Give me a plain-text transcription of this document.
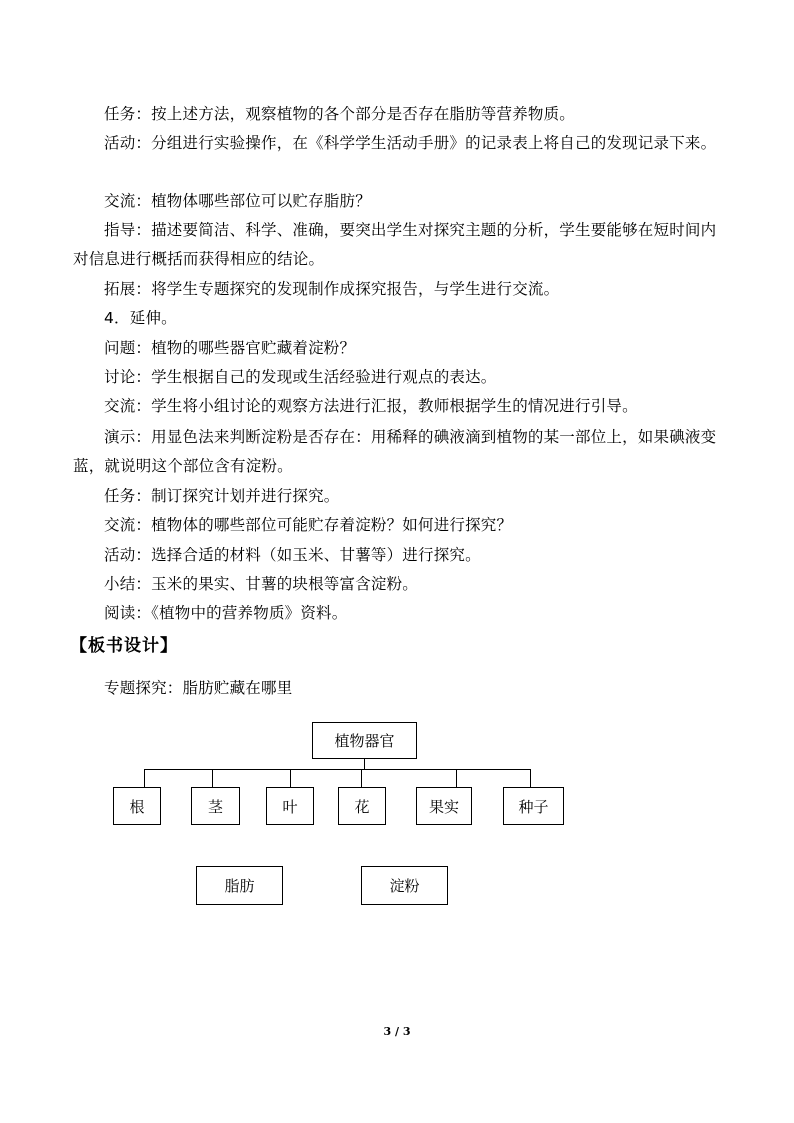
任务：按上述方法，观察植物的各个部分是否存在脂肪等营养物质。

活动：分组进行实验操作，在《科学学生活动手册》的记录表上将自己的发现记录下来。

交流：植物体哪些部位可以贮存脂肪？

指导：描述要简洁、科学、准确，要突出学生对探究主题的分析，学生要能够在短时间内对信息进行概括而获得相应的结论。

拓展：将学生专题探究的发现制作成探究报告，与学生进行交流。

4．延伸。

问题：植物的哪些器官贮藏着淀粉？

讨论：学生根据自己的发现或生活经验进行观点的表达。

交流：学生将小组讨论的观察方法进行汇报，教师根据学生的情况进行引导。

演示：用显色法来判断淀粉是否存在：用稀释的碘液滴到植物的某一部位上，如果碘液变蓝，就说明这个部位含有淀粉。

任务：制订探究计划并进行探究。

交流：植物体的哪些部位可能贮存着淀粉？如何进行探究？

活动：选择合适的材料（如玉米、甘薯等）进行探究。

小结：玉米的果实、甘薯的块根等富含淀粉。

阅读：《植物中的营养物质》资料。

【板书设计】

专题探究：脂肪贮藏在哪里

植物器官
根	茎	叶	花	果实	种子
脂肪	淀粉
3 / 3
